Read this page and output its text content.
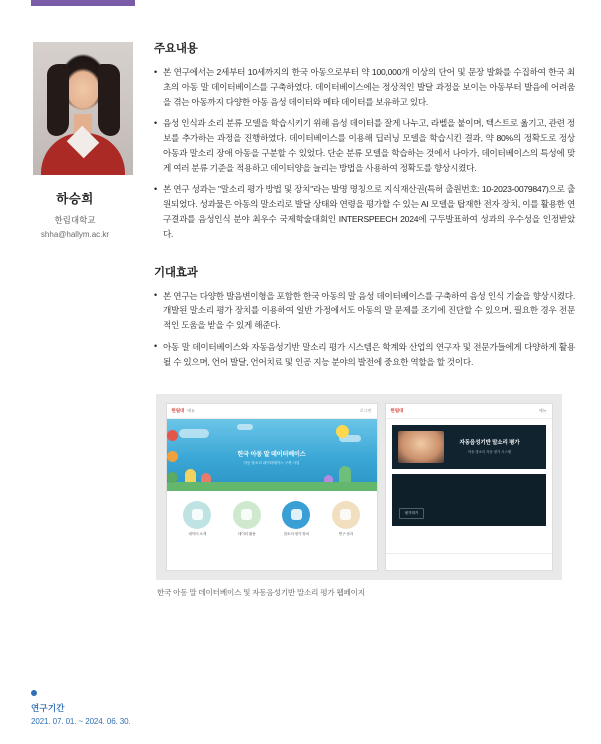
하승희
한림대학교
shha@hallym.ac.kr
연구기간
2021. 07. 01. ~ 2024. 06. 30.
주요내용
• 본 연구에서는 2세부터 10세까지의 한국 아동으로부터 약 100,000개 이상의 단어 및 문장 발화를 수집하여 한국 최초의 아동 말 데이터베이스를 구축하였다. 데이터베이스에는 정상적인 발달 과정을 보이는 아동부터 발음에 어려움을 겪는 아동까지 다양한 아동 음성 데이터와 메타 데이터를 보유하고 있다.
• 음성 인식과 소리 분류 모델을 학습시키기 위해 음성 데이터를 잘게 나누고, 라벨을 붙이며, 텍스트로 옮기고, 관련 정보를 추가하는 과정을 진행하였다. 데이터베이스를 이용해 딥러닝 모델을 학습시킨 결과, 약 80%의 정확도로 정상 아동과 말소리 장애 아동을 구분할 수 있었다. 단순 분류 모델을 학습하는 것에서 나아가, 데이터베이스의 특성에 맞게 여러 분류 기준을 적용하고 데이터양을 늘리는 방법을 사용하여 정확도를 향상시켰다.
• 본 연구 성과는 "말소리 평가 방법 및 장치"라는 발명 명칭으로 지식재산권(특허 출원번호: 10-2023-0079847)으로 출원되었다. 성과물은 아동의 말소리로 발달 상태와 연령을 평가할 수 있는 AI 모델을 탑재한 전자 장치, 이를 활용한 연구결과를 음성인식 분야 최우수 국제학술대회인 INTERSPEECH 2024에 구두발표하여 성과의 우수성을 인정받았다.
기대효과
• 본 연구는 다양한 발음변이형을 포함한 한국 아동의 말 음성 데이터베이스를 구축하여 음성 인식 기술을 향상시켰다. 개발된 말소리 평가 장치를 이용하여 일반 가정에서도 아동의 말 문제를 조기에 진단할 수 있으며, 필요한 경우 전문적인 도움을 받을 수 있게 해준다.
• 아동 말 데이터베이스와 자동음성기반 말소리 평가 시스템은 학계와 산업의 연구자 및 전문가들에게 다양하게 활용될 수 있으며, 언어 발달, 언어치료 및 인공 지능 분야의 발전에 중요한 역할을 할 것이다.
한림대 메뉴	로그인
한국 아동 말 데이터베이스
아동 말소리 데이터베이스 구축 사업
데이터 소개	데이터 활용	말소리 평가 장치	연구 성과
한림대	메뉴
자동음성기반 말소리 평가
아동 말소리 자동 평가 시스템
평가하기
한국 아동 말 데이터베이스 및 자동음성기반 말소리 평가 웹페이지
